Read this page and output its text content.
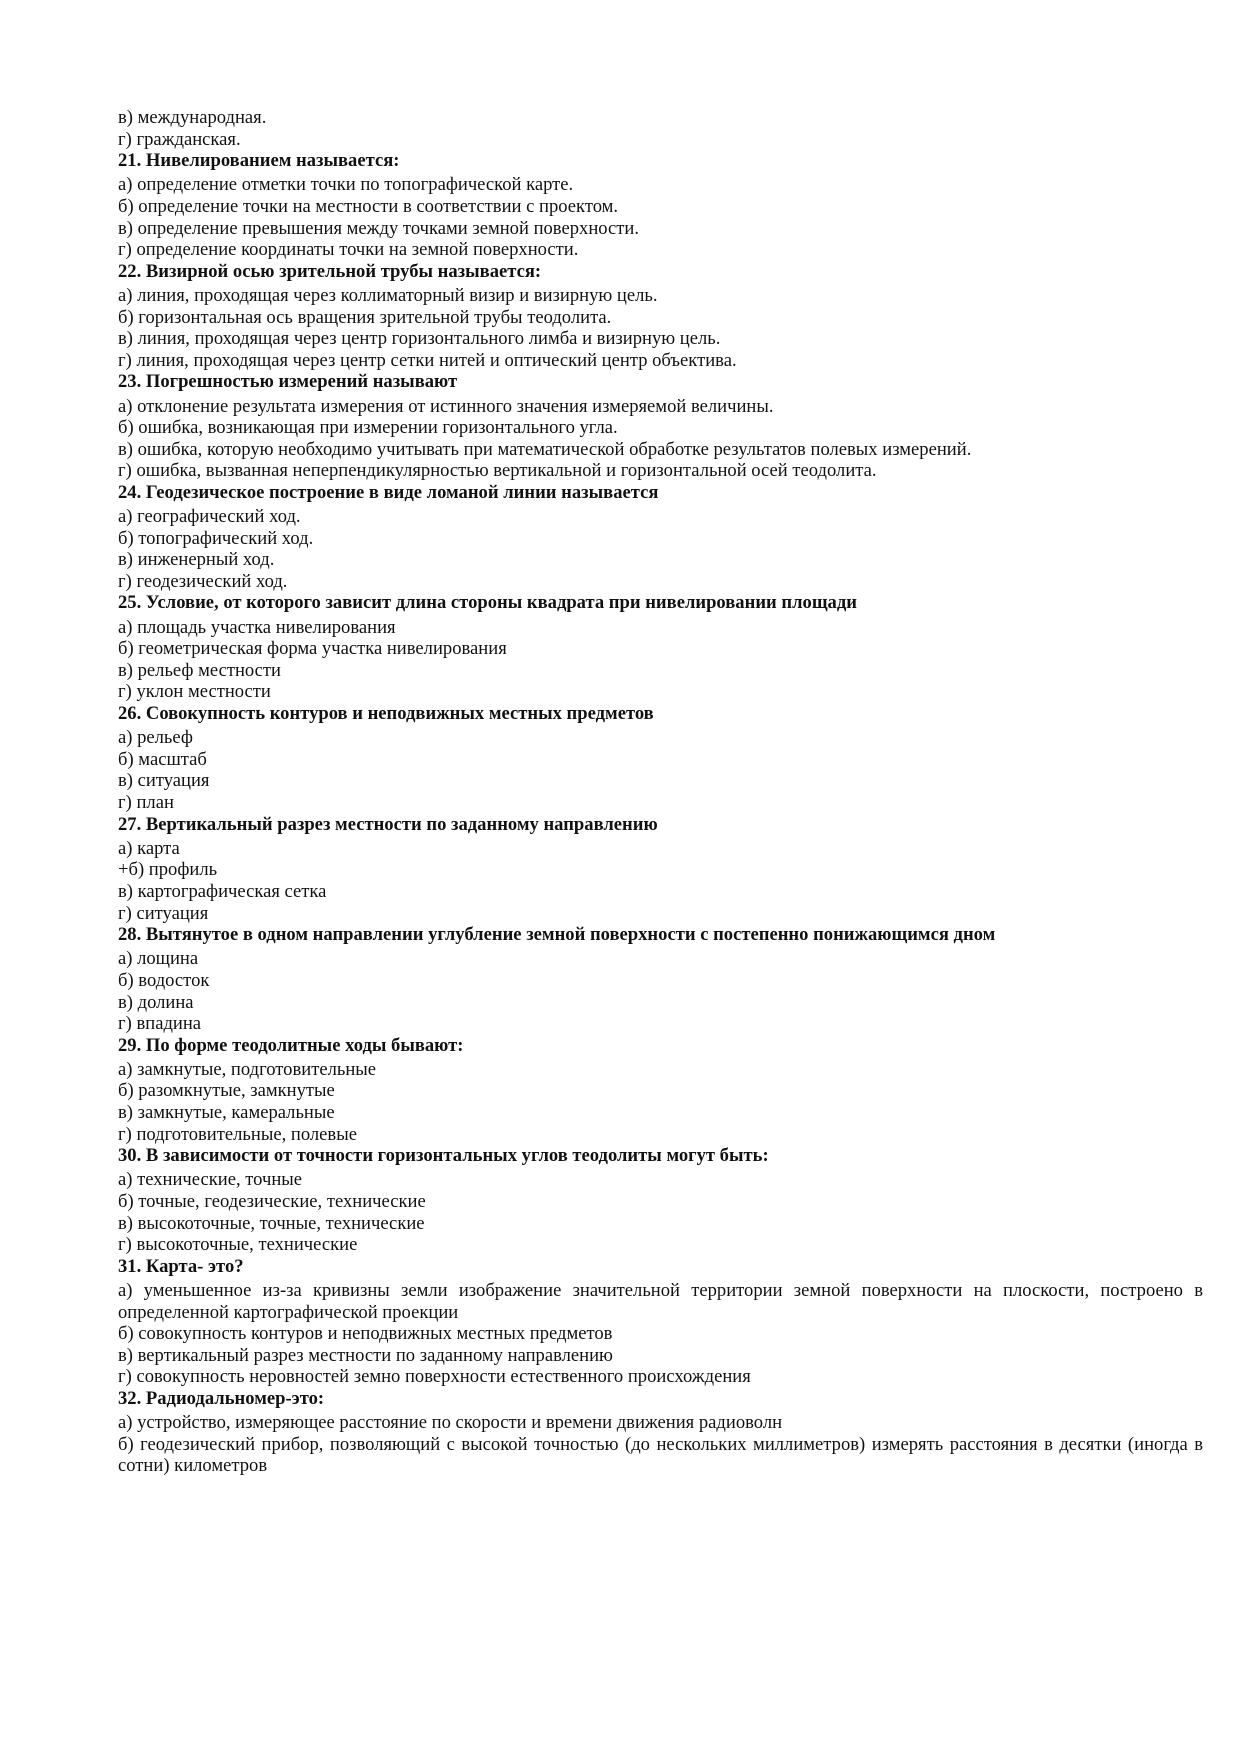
в) международная.

г) гражданская.

21. Нивелированием называется:

а) определение отметки точки по топографической карте.

б) определение точки на местности в соответствии с проектом.

в) определение превышения между точками земной поверхности.

г) определение координаты точки на земной поверхности.

22. Визирной осью зрительной трубы называется:

а) линия, проходящая через коллиматорный визир и визирную цель.

б) горизонтальная ось вращения зрительной трубы теодолита.

в) линия, проходящая через центр горизонтального лимба и визирную цель.

г) линия, проходящая через центр сетки нитей и оптический центр объектива.

23. Погрешностью измерений называют

а) отклонение результата измерения от истинного значения измеряемой величины.

б) ошибка, возникающая при измерении горизонтального угла.

в) ошибка, которую необходимо учитывать при математической обработке результатов полевых измерений.

г) ошибка, вызванная неперпендикулярностью вертикальной и горизонтальной осей теодолита.

24. Геодезическое построение в виде ломаной линии называется

а) географический ход.

б) топографический ход.

в) инженерный ход.

г) геодезический ход.

25. Условие, от которого зависит длина стороны квадрата при нивелировании площади

а) площадь участка нивелирования

б) геометрическая форма участка нивелирования

в) рельеф местности

г) уклон местности

26. Совокупность контуров и неподвижных местных предметов

а) рельеф

б) масштаб

в) ситуация

г) план

27. Вертикальный разрез местности по заданному направлению

а) карта

+б) профиль

в) картографическая сетка

г) ситуация

28. Вытянутое в одном направлении углубление земной поверхности с постепенно понижающимся дном

а) лощина

б) водосток

в) долина

г) впадина

29. По форме теодолитные ходы бывают:

а) замкнутые, подготовительные

б) разомкнутые, замкнутые

в) замкнутые, камеральные

г) подготовительные, полевые

30. В зависимости от точности горизонтальных углов теодолиты могут быть:

а) технические, точные

б) точные, геодезические, технические

в) высокоточные, точные, технические

г) высокоточные, технические

31. Карта- это?

а) уменьшенное из-за кривизны земли изображение значительной территории земной поверхности на плоскости, построено в определенной картографической проекции

б) совокупность контуров и неподвижных местных предметов

в) вертикальный разрез местности по заданному направлению

г) совокупность неровностей земно поверхности естественного происхождения

32. Радиодальномер-это:

а) устройство, измеряющее расстояние по скорости и времени движения радиоволн

б) геодезический прибор, позволяющий с высокой точностью (до нескольких миллиметров) измерять расстояния в десятки (иногда в сотни) километров
